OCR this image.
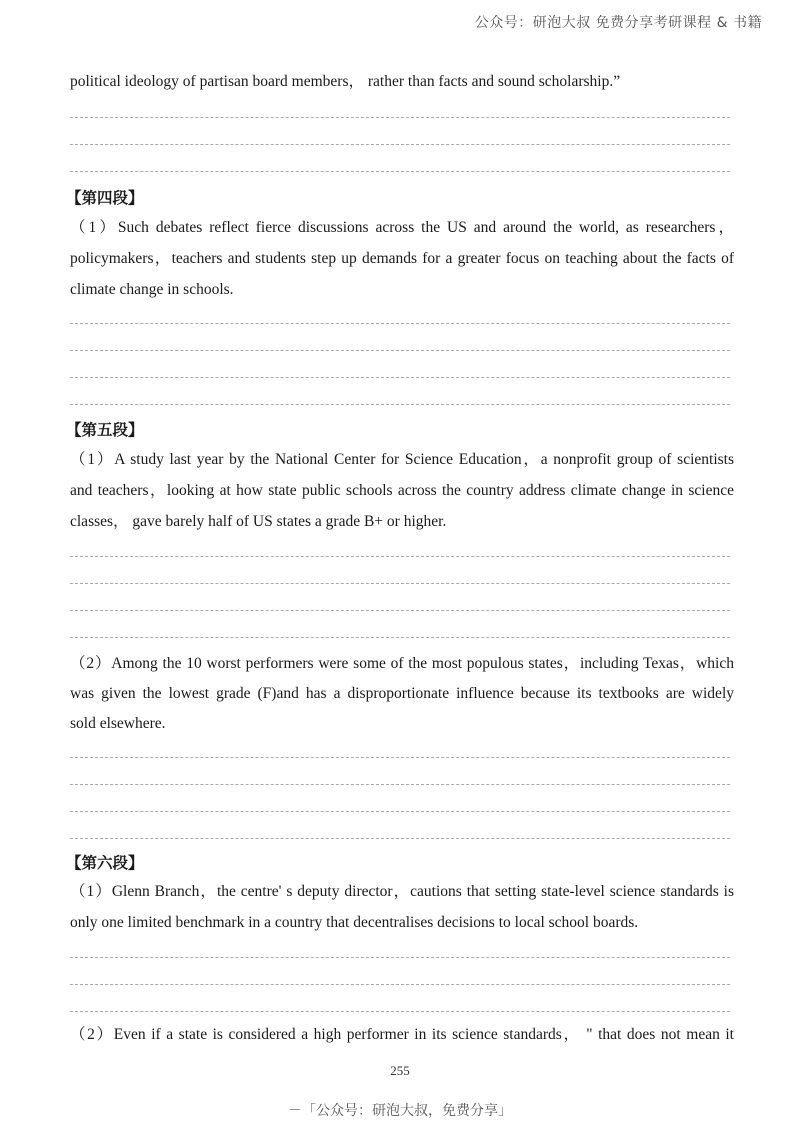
公众号：研泡大叔 免费分享考研课程 & 书籍
political ideology of partisan board members， rather than facts and sound scholarship.”
【第四段】
（1）Such debates reflect fierce discussions across the US and around the world, as researchers，
policymakers，teachers and students step up demands for a greater focus on teaching about the facts of
climate change in schools.
【第五段】
（1）A study last year by the National Center for Science Education，a nonprofit group of scientists
and teachers，looking at how state public schools across the country address climate change in science
classes， gave barely half of US states a grade B+ or higher.
（2）Among the 10 worst performers were some of the most populous states，including Texas，which
was given the lowest grade (F)and has a disproportionate influence because its textbooks are widely
sold elsewhere.
【第六段】
（1）Glenn Branch，the centre' s deputy director，cautions that setting state-level science standards is
only one limited benchmark in a country that decentralises decisions to local school boards.
（2）Even if a state is considered a high performer in its science standards， " that does not mean it
255
－「公众号：研泡大叔，免费分享」
